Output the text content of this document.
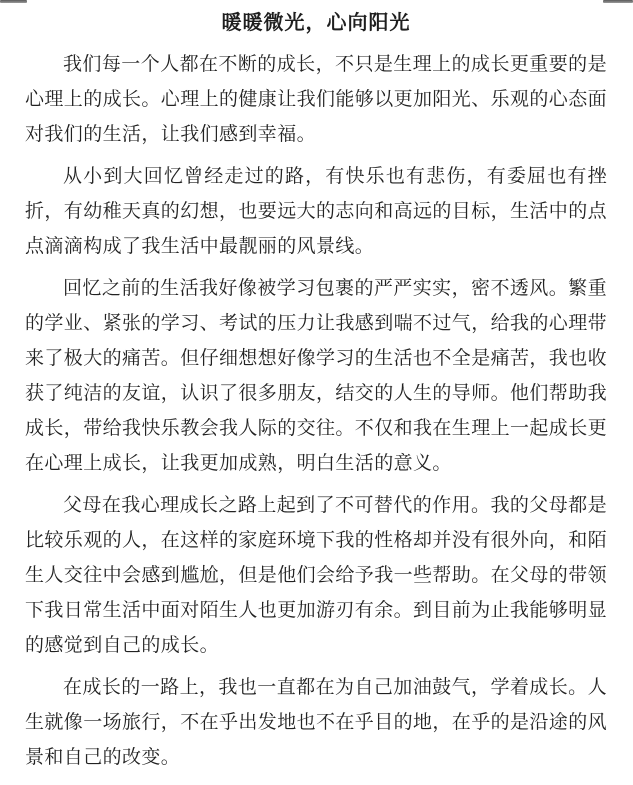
暖暖微光，心向阳光

我们每一个人都在不断的成长，不只是生理上的成长更重要的是心理上的成长。心理上的健康让我们能够以更加阳光、乐观的心态面对我们的生活，让我们感到幸福。

从小到大回忆曾经走过的路，有快乐也有悲伤，有委屈也有挫折，有幼稚天真的幻想，也要远大的志向和高远的目标，生活中的点点滴滴构成了我生活中最靓丽的风景线。

回忆之前的生活我好像被学习包裹的严严实实，密不透风。繁重的学业、紧张的学习、考试的压力让我感到喘不过气，给我的心理带来了极大的痛苦。但仔细想想好像学习的生活也不全是痛苦，我也收获了纯洁的友谊，认识了很多朋友，结交的人生的导师。他们帮助我成长，带给我快乐教会我人际的交往。不仅和我在生理上一起成长更在心理上成长，让我更加成熟，明白生活的意义。

父母在我心理成长之路上起到了不可替代的作用。我的父母都是比较乐观的人，在这样的家庭环境下我的性格却并没有很外向，和陌生人交往中会感到尴尬，但是他们会给予我一些帮助。在父母的带领下我日常生活中面对陌生人也更加游刃有余。到目前为止我能够明显的感觉到自己的成长。

在成长的一路上，我也一直都在为自己加油鼓气，学着成长。人生就像一场旅行，不在乎出发地也不在乎目的地，在乎的是沿途的风景和自己的改变。
